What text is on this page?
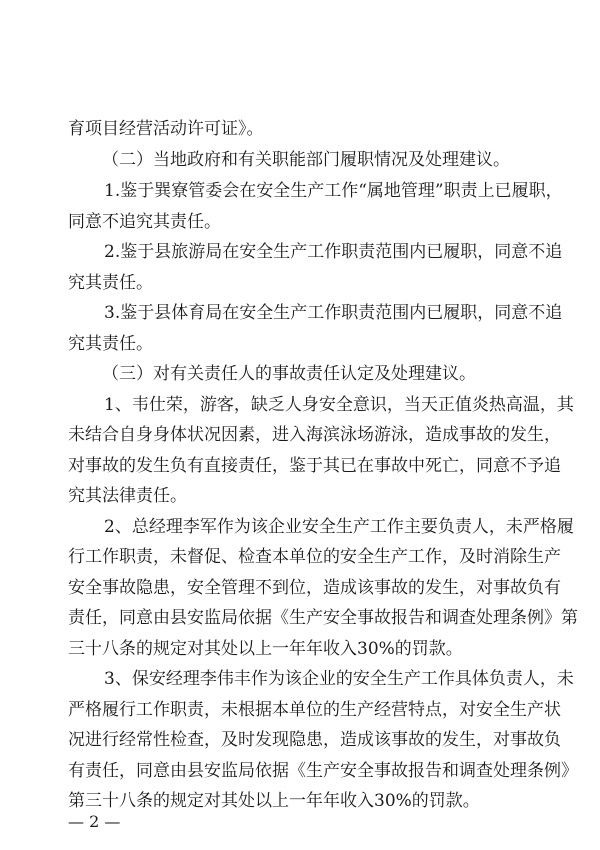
育项目经营活动许可证》。
（二）当地政府和有关职能部门履职情况及处理建议。
1.鉴于巽寮管委会在安全生产工作“属地管理”职责上已履职，
同意不追究其责任。
2.鉴于县旅游局在安全生产工作职责范围内已履职，同意不追
究其责任。
3.鉴于县体育局在安全生产工作职责范围内已履职，同意不追
究其责任。
（三）对有关责任人的事故责任认定及处理建议。
1、韦仕荣，游客，缺乏人身安全意识，当天正值炎热高温，其
未结合自身身体状况因素，进入海滨泳场游泳，造成事故的发生，
对事故的发生负有直接责任，鉴于其已在事故中死亡，同意不予追
究其法律责任。
2、总经理李军作为该企业安全生产工作主要负责人，未严格履
行工作职责，未督促、检查本单位的安全生产工作，及时消除生产
安全事故隐患，安全管理不到位，造成该事故的发生，对事故负有
责任，同意由县安监局依据《生产安全事故报告和调查处理条例》第
三十八条的规定对其处以上一年年收入30%的罚款。
3、保安经理李伟丰作为该企业的安全生产工作具体负责人，未
严格履行工作职责，未根据本单位的生产经营特点，对安全生产状
况进行经常性检查，及时发现隐患，造成该事故的发生，对事故负
有责任，同意由县安监局依据《生产安全事故报告和调查处理条例》
第三十八条的规定对其处以上一年年收入30%的罚款。
— 2 —
